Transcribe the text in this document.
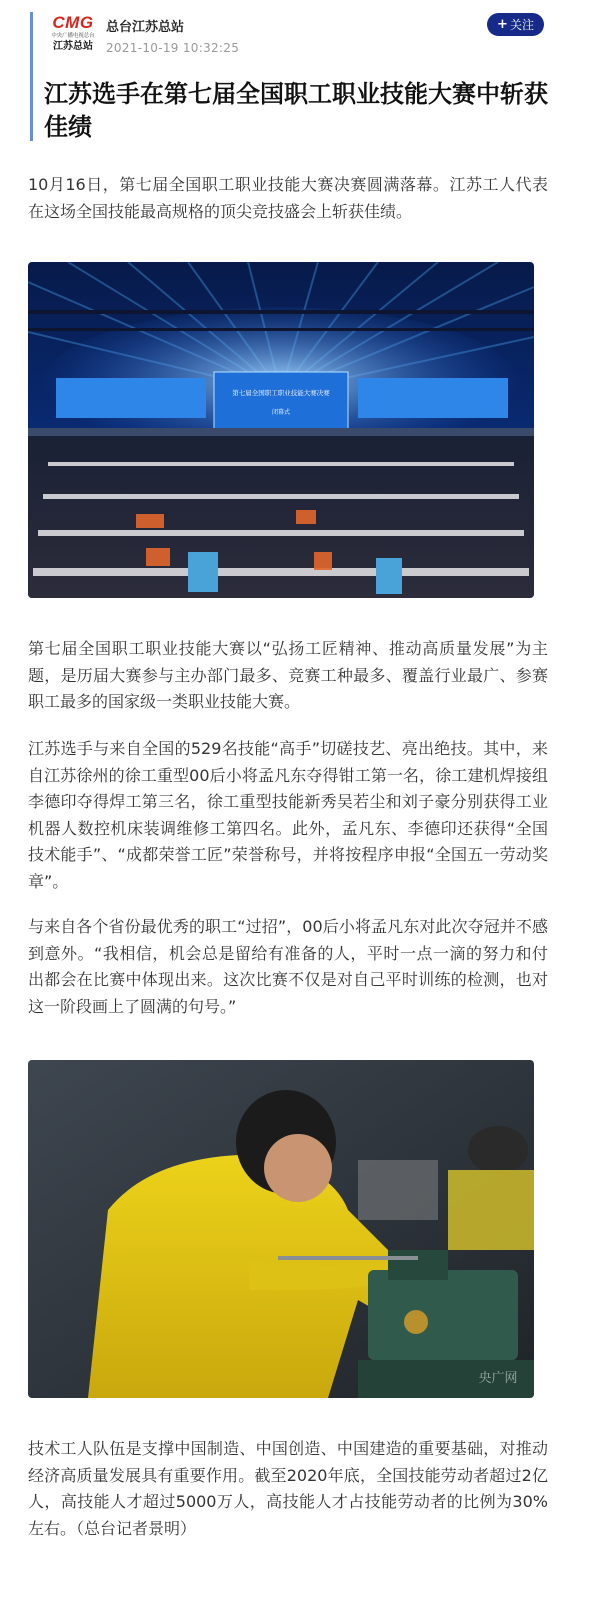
CMG
中央广播电视总台
江苏总站
总台江苏总站
2021-10-19 10:32:25
+ 关注
江苏选手在第七届全国职工职业技能大赛中斩获佳绩

10月16日，第七届全国职工职业技能大赛决赛圆满落幕。江苏工人代表在这场全国技能最高规格的顶尖竞技盛会上斩获佳绩。

第七届全国职工职业技能大赛决赛
闭幕式

第七届全国职工职业技能大赛以“弘扬工匠精神、推动高质量发展”为主题，是历届大赛参与主办部门最多、竞赛工种最多、覆盖行业最广、参赛职工最多的国家级一类职业技能大赛。

江苏选手与来自全国的529名技能“高手”切磋技艺、亮出绝技。其中，来自江苏徐州的徐工重型00后小将孟凡东夺得钳工第一名，徐工建机焊接组李德印夺得焊工第三名，徐工重型技能新秀吴若尘和刘子豪分别获得工业机器人数控机床装调维修工第四名。此外，孟凡东、李德印还获得“全国技术能手”、“成都荣誉工匠”荣誉称号，并将按程序申报“全国五一劳动奖章”。

与来自各个省份最优秀的职工“过招”，00后小将孟凡东对此次夺冠并不感到意外。“我相信，机会总是留给有准备的人，平时一点一滴的努力和付出都会在比赛中体现出来。这次比赛不仅是对自己平时训练的检测，也对这一阶段画上了圆满的句号。”

央广网

技术工人队伍是支撑中国制造、中国创造、中国建造的重要基础，对推动经济高质量发展具有重要作用。截至2020年底，全国技能劳动者超过2亿人，高技能人才超过5000万人，高技能人才占技能劳动者的比例为30%左右。（总台记者景明）
